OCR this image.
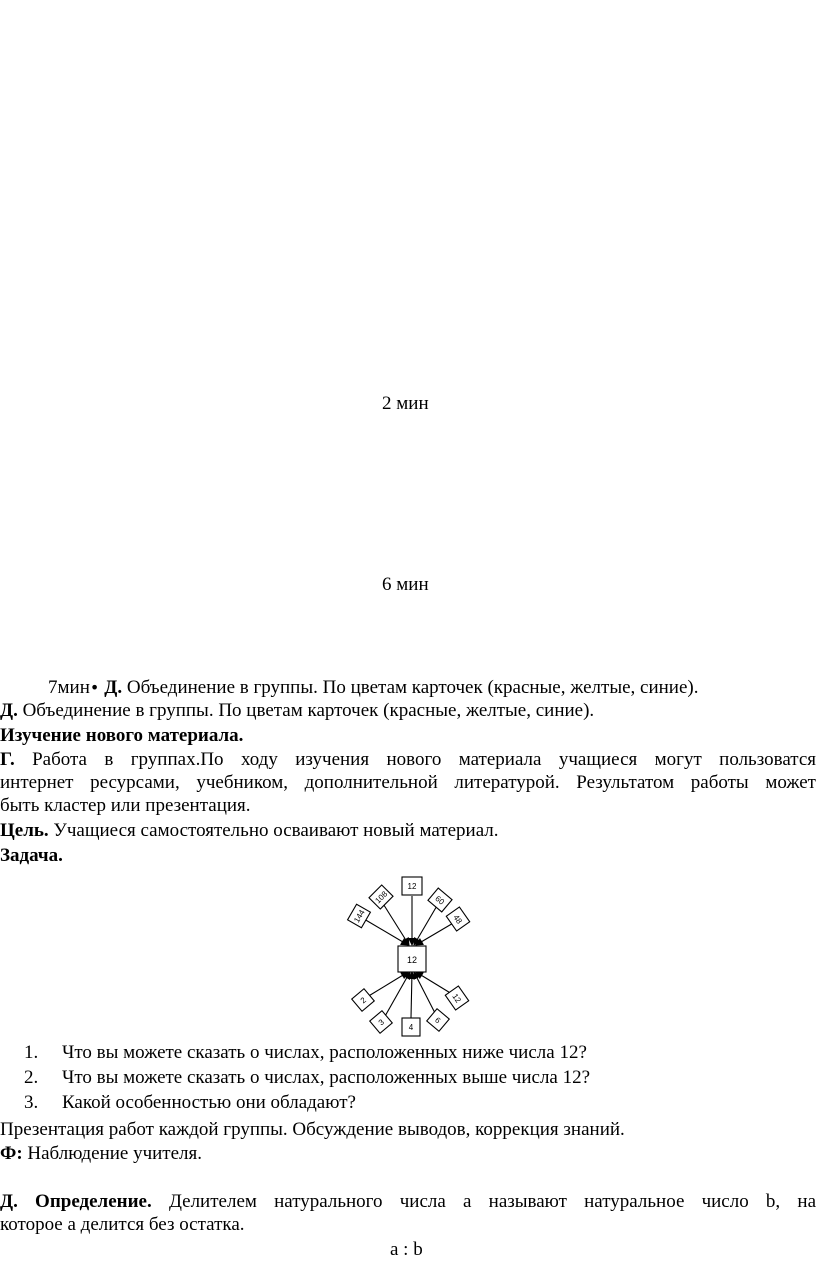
2 мин
6 мин
7мин• Д. Объединение в группы. По цветам карточек (красные, желтые, синие).
Д. Объединение в группы. По цветам карточек (красные, желтые, синие).
Изучение нового материала.
Г. Работа в группах.По ходу изучения нового материала учащиеся могут пользоватся
интернет ресурсами, учебником, дополнительной литературой. Результатом работы может
быть кластер или презентация.
Цель. Учащиеся самостоятельно осваивают новый материал.
Задача.
12
144
108
12
60
48
2
3
4
6
12
1.	Что вы можете сказать о числах, расположенных ниже числа 12?
2.	Что вы можете сказать о числах, расположенных выше числа 12?
3.	Какой особенностью они обладают?
Презентация работ каждой группы. Обсуждение выводов, коррекция знаний.
Ф: Наблюдение учителя.
Д. Определение. Делителем натурального числа a называют натуральное число b, на
которое а делится без остатка.
a : b
